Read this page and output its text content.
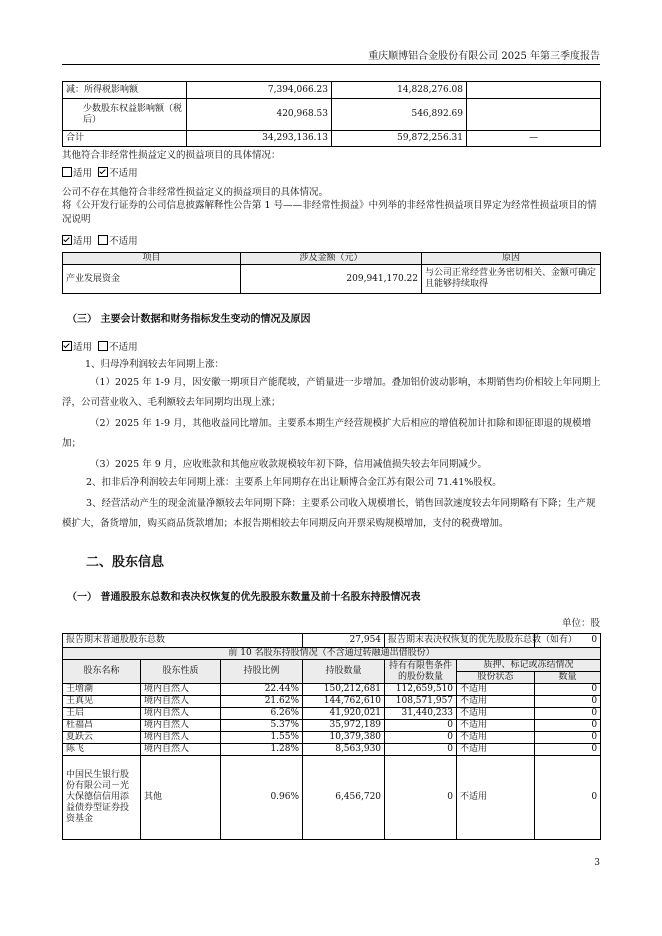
重庆顺博铝合金股份有限公司 2025 年第三季度报告
减：所得税影响额	7,394,066.23	14,828,276.08	
少数股东权益影响额（税后）	420,968.53	546,892.69	
合计	34,293,136.13	59,872,256.31	—
其他符合非经常性损益定义的损益项目的具体情况：
适用 不适用
公司不存在其他符合非经常性损益定义的损益项目的具体情况。
将《公开发行证券的公司信息披露解释性公告第 1 号——非经常性损益》中列举的非经常性损益项目界定为经常性损益项目的情况说明
适用 不适用
项目	涉及金额（元）	原因
产业发展资金	209,941,170.22	与公司正常经营业务密切相关、金额可确定且能够持续取得
（三） 主要会计数据和财务指标发生变动的情况及原因
适用 不适用
1、归母净利润较去年同期上涨：
（1）2025 年 1-9 月，因安徽一期项目产能爬坡，产销量进一步增加。叠加铝价波动影响，本期销售均价相较上年同期上浮，公司营业收入、毛利额较去年同期均出现上涨；
（2）2025 年 1-9 月，其他收益同比增加。主要系本期生产经营规模扩大后相应的增值税加计扣除和即征即退的规模增加；
（3）2025 年 9 月，应收账款和其他应收款规模较年初下降，信用减值损失较去年同期减少。
2、扣非后净利润较去年同期上涨：主要系上年同期存在出让顺博合金江苏有限公司 71.41%股权。
3、经营活动产生的现金流量净额较去年同期下降：主要系公司收入规模增长，销售回款速度较去年同期略有下降；生产规模扩大，备货增加，购买商品货款增加；本报告期相较去年同期反向开票采购规模增加，支付的税费增加。
二、股东信息
（一） 普通股股东总数和表决权恢复的优先股股东数量及前十名股东持股情况表
单位：股
报告期末普通股股东总数			27,954	报告期末表决权恢复的优先股股东总数（如有）		0
前 10 名股东持股情况（不含通过转融通出借股份）						
股东名称	股东性质	持股比例	持股数量	持有有限售条件的股份数量	质押、标记或冻结情况	
					股份状态	数量
王增潮	境内自然人	22.44%	150,212,681	112,659,510	不适用	0
王真见	境内自然人	21.62%	144,762,610	108,571,957	不适用	0
王启	境内自然人	6.26%	41,920,021	31,440,233	不适用	0
杜福昌	境内自然人	5.37%	35,972,189	0	不适用	0
夏跃云	境内自然人	1.55%	10,379,380	0	不适用	0
陈飞	境内自然人	1.28%	8,563,930	0	不适用	0
中国民生银行股份有限公司－光大保德信信用添益债券型证券投资基金	其他	0.96%	6,456,720	0	不适用	0
3
